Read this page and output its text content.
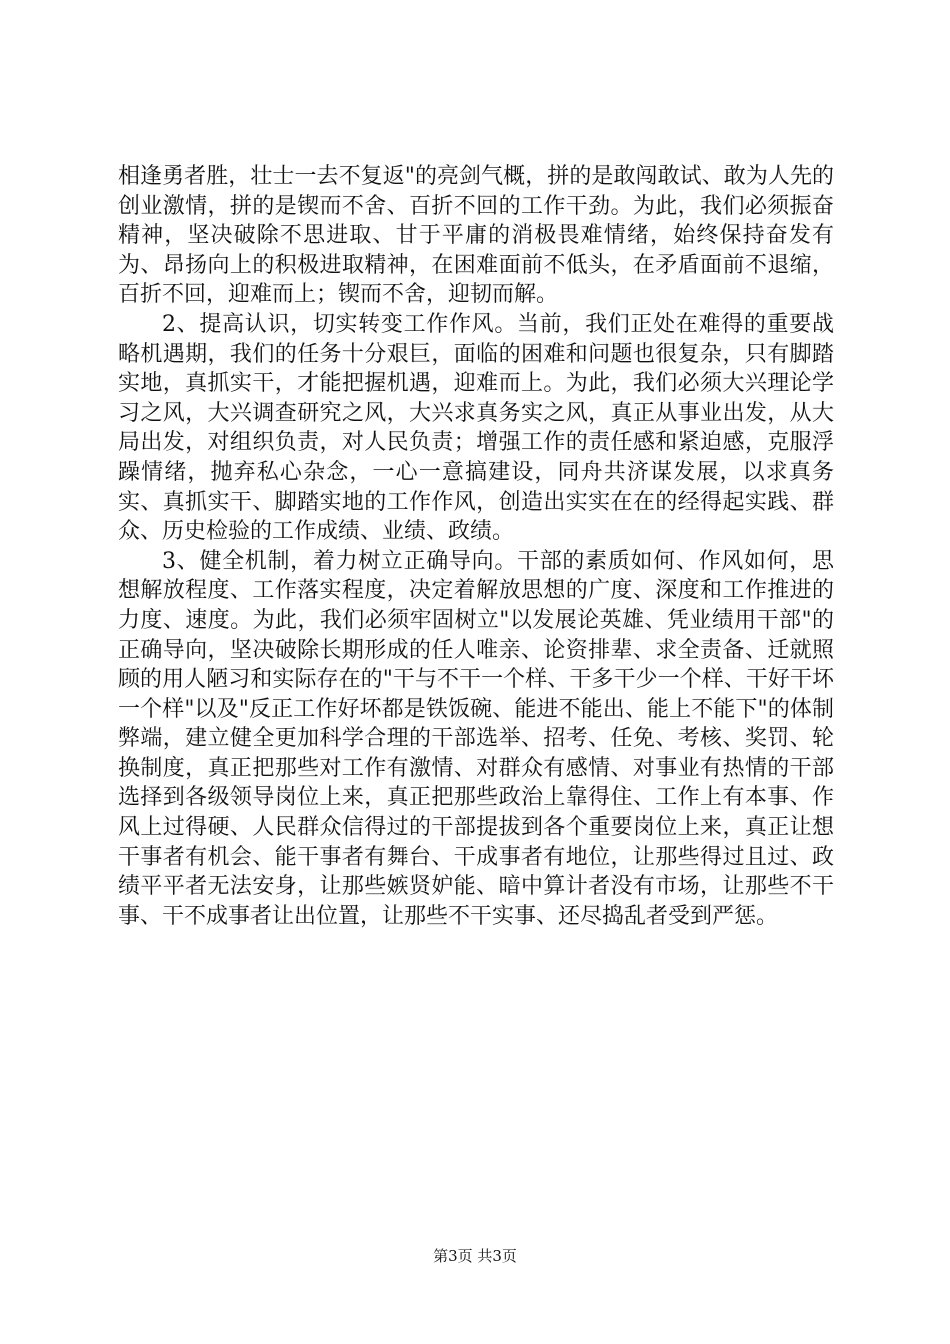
相逢勇者胜，壮士一去不复返"的亮剑气概，拼的是敢闯敢试、敢为人先的创业激情，拼的是锲而不舍、百折不回的工作干劲。为此，我们必须振奋精神，坚决破除不思进取、甘于平庸的消极畏难情绪，始终保持奋发有为、昂扬向上的积极进取精神，在困难面前不低头，在矛盾面前不退缩，百折不回，迎难而上；锲而不舍，迎韧而解。

2、提高认识，切实转变工作作风。当前，我们正处在难得的重要战略机遇期，我们的任务十分艰巨，面临的困难和问题也很复杂，只有脚踏实地，真抓实干，才能把握机遇，迎难而上。为此，我们必须大兴理论学习之风，大兴调查研究之风，大兴求真务实之风，真正从事业出发，从大局出发，对组织负责，对人民负责；增强工作的责任感和紧迫感，克服浮躁情绪，抛弃私心杂念，一心一意搞建设，同舟共济谋发展，以求真务实、真抓实干、脚踏实地的工作作风，创造出实实在在的经得起实践、群众、历史检验的工作成绩、业绩、政绩。

3、健全机制，着力树立正确导向。干部的素质如何、作风如何，思想解放程度、工作落实程度，决定着解放思想的广度、深度和工作推进的力度、速度。为此，我们必须牢固树立"以发展论英雄、凭业绩用干部"的正确导向，坚决破除长期形成的任人唯亲、论资排辈、求全责备、迁就照顾的用人陋习和实际存在的"干与不干一个样、干多干少一个样、干好干坏一个样"以及"反正工作好坏都是铁饭碗、能进不能出、能上不能下"的体制弊端，建立健全更加科学合理的干部选举、招考、任免、考核、奖罚、轮换制度，真正把那些对工作有激情、对群众有感情、对事业有热情的干部选择到各级领导岗位上来，真正把那些政治上靠得住、工作上有本事、作风上过得硬、人民群众信得过的干部提拔到各个重要岗位上来，真正让想干事者有机会、能干事者有舞台、干成事者有地位，让那些得过且过、政绩平平者无法安身，让那些嫉贤妒能、暗中算计者没有市场，让那些不干事、干不成事者让出位置，让那些不干实事、还尽捣乱者受到严惩。

第3页 共3页
